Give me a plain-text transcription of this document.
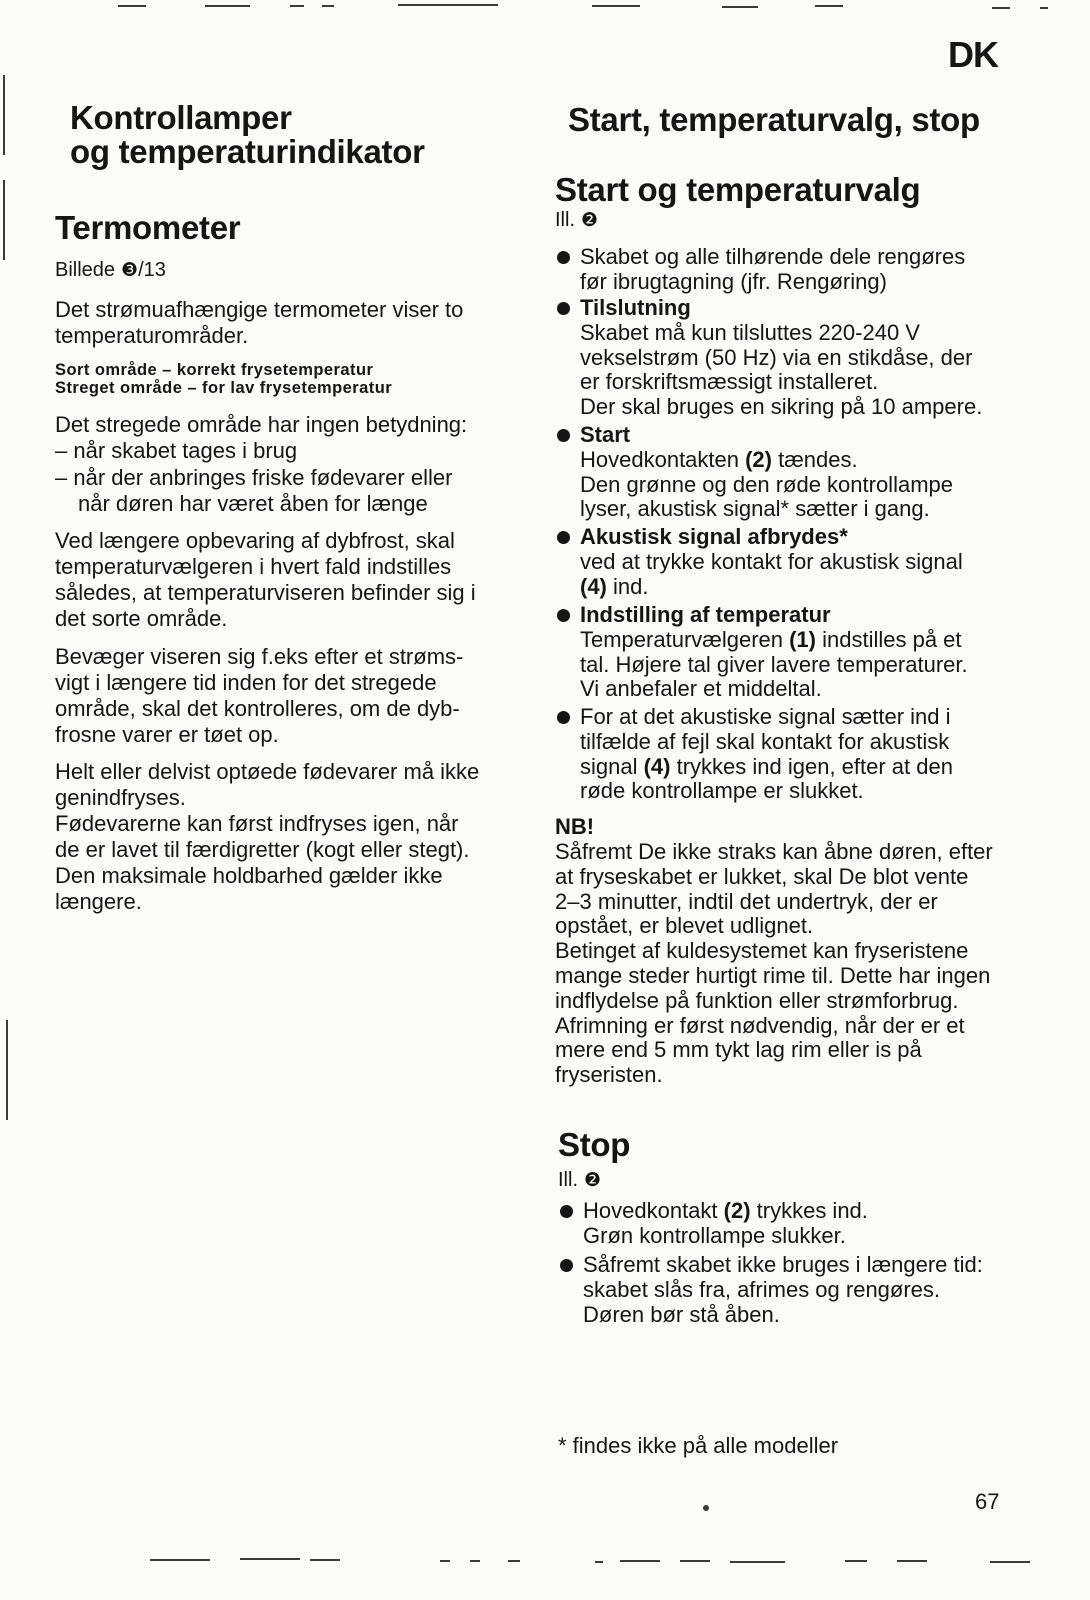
DK
Kontrollamper
og temperaturindikator
Termometer
Billede ❸/13
Det strømuafhængige termometer viser to
temperaturområder.
Sort område – korrekt frysetemperatur
Streget område – for lav frysetemperatur
Det stregede område har ingen betydning:
– når skabet tages i brug
– når der anbringes friske fødevarer eller
når døren har været åben for længe
Ved længere opbevaring af dybfrost, skal
temperaturvælgeren i hvert fald indstilles
således, at temperaturviseren befinder sig i
det sorte område.
Bevæger viseren sig f.eks efter et strøms-
vigt i længere tid inden for det stregede
område, skal det kontrolleres, om de dyb-
frosne varer er tøet op.
Helt eller delvist optøede fødevarer må ikke
genindfryses.
Fødevarerne kan først indfryses igen, når
de er lavet til færdigretter (kogt eller stegt).
Den maksimale holdbarhed gælder ikke
længere.
Start, temperaturvalg, stop
Start og temperaturvalg
Ill. ❷
Skabet og alle tilhørende dele rengøres
før ibrugtagning (jfr. Rengøring)
Tilslutning
Skabet må kun tilsluttes 220-240 V
vekselstrøm (50 Hz) via en stikdåse, der
er forskriftsmæssigt installeret.
Der skal bruges en sikring på 10 ampere.
Start
Hovedkontakten (2) tændes.
Den grønne og den røde kontrollampe
lyser, akustisk signal* sætter i gang.
Akustisk signal afbrydes*
ved at trykke kontakt for akustisk signal
(4) ind.
Indstilling af temperatur
Temperaturvælgeren (1) indstilles på et
tal. Højere tal giver lavere temperaturer.
Vi anbefaler et middeltal.
For at det akustiske signal sætter ind i
tilfælde af fejl skal kontakt for akustisk
signal (4) trykkes ind igen, efter at den
røde kontrollampe er slukket.
NB!
Såfremt De ikke straks kan åbne døren, efter
at fryseskabet er lukket, skal De blot vente
2–3 minutter, indtil det undertryk, der er
opstået, er blevet udlignet.
Betinget af kuldesystemet kan fryseristene
mange steder hurtigt rime til. Dette har ingen
indflydelse på funktion eller strømforbrug.
Afrimning er først nødvendig, når der er et
mere end 5 mm tykt lag rim eller is på
fryseristen.
Stop
Ill. ❷
Hovedkontakt (2) trykkes ind.
Grøn kontrollampe slukker.
Såfremt skabet ikke bruges i længere tid:
skabet slås fra, afrimes og rengøres.
Døren bør stå åben.
* findes ikke på alle modeller
67
